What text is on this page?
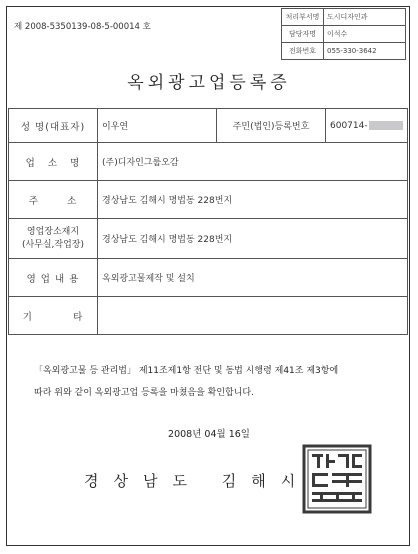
제 2008-5350139-08-5-00014 호
처리부서명	도시디자인과
담당자명	이석수
전화번호	055-330-3642
옥외광고업등록증
성 명(대표자)	이우연	주민(법인)등록번호	600714-
업   소   명	(주)디자인그룹오감		
주       소	경상남도 김해시 명법동 228번지		

영업장소재지
(사무실,작업장)	경상남도 김해시 명법동 228번지		
영 업 내 용	옥외광고물제작 및 설치		
기          타			
「옥외광고물 등 관리법」 제11조제1항 전단 및 동법 시행령 제41조 제3항에
따라 위와 같이 옥외광고업 등록을 마쳤음을 확인합니다.
2008년 04월 16일
경상남도 김해시
